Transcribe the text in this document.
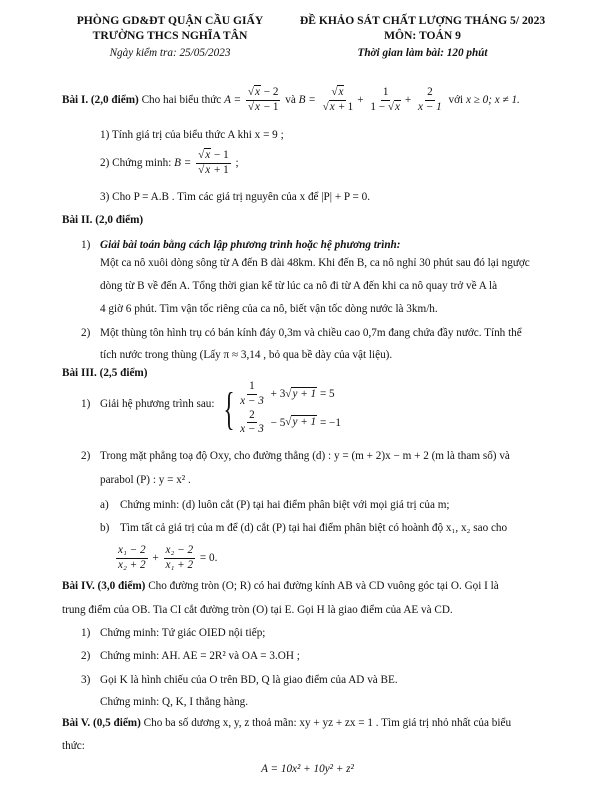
PHÒNG GD&ĐT QUẬN CẦU GIẤY
TRƯỜNG THCS NGHĨA TÂN
Ngày kiểm tra: 25/05/2023
ĐỀ KHẢO SÁT CHẤT LƯỢNG THÁNG 5/ 2023
MÔN: TOÁN 9
Thời gian làm bài: 120 phút
Bài I. (2,0 điểm) Cho hai biểu thức $A = \frac{√x - 2}{√x - 1}$ và $B = \frac{√x}{√x + 1} + \frac{1}{1 - √x} + \frac{2}{x - 1}$ với x ≥ 0; x ≠ 1.
1) Tính giá trị của biểu thức A khi x = 9 ;
2) Chứng minh: $B = \frac{√x - 1}{√x + 1}$ ;
3) Cho P = A.B . Tìm các giá trị nguyên của x để |P| + P = 0.
Bài II. (2,0 điểm)
1) Giải bài toán bằng cách lập phương trình hoặc hệ phương trình:
Một ca nô xuôi dòng sông từ A đến B dài 48km. Khi đến B, ca nô nghỉ 30 phút sau đó lại ngược
dòng từ B về đến A. Tổng thời gian kể từ lúc ca nô đi từ A đến khi ca nô quay trở về A là
4 giờ 6 phút. Tìm vận tốc riêng của ca nô, biết vận tốc dòng nước là 3km/h.
2) Một thùng tôn hình trụ có bán kính đáy 0,3m và chiều cao 0,7m đang chứa đầy nước. Tính thể
tích nước trong thùng (Lấy π ≈ 3,14 , bỏ qua bề dày của vật liệu).
Bài III. (2,5 điểm)
1) Giải hệ phương trình sau: { $\frac{1}{x - 3} + 3√y + 1 = 5$
$\frac{2}{x - 3} - 5√y + 1 = -1$
2) Trong mặt phẳng toạ độ Oxy, cho đường thẳng (d) : y = (m + 2)x − m + 2 (m là tham số) và
parabol (P) : y = x² .
a) Chứng minh: (d) luôn cắt (P) tại hai điểm phân biệt với mọi giá trị của m;
b) Tìm tất cả giá trị của m để (d) cắt (P) tại hai điểm phân biệt có hoành độ x₁, x₂ sao cho
$\frac{\text{x₁ − 2}}{\text{x₂ + 2}} + \frac{\text{x₂ − 2}}{\text{x₁ + 2}} = 0$.
Bài IV. (3,0 điểm) Cho đường tròn (O; R) có hai đường kính AB và CD vuông góc tại O. Gọi I là
trung điểm của OB. Tia CI cắt đường tròn (O) tại E. Gọi H là giao điểm của AE và CD.
1) Chứng minh: Tứ giác OIED nội tiếp;
2) Chứng minh: AH. AE = 2R² và OA = 3.OH ;
3) Gọi K là hình chiếu của O trên BD, Q là giao điểm của AD và BE.
Chứng minh: Q, K, I thẳng hàng.
Bài V. (0,5 điểm) Cho ba số dương x, y, z thoả mãn: xy + yz + zx = 1 . Tìm giá trị nhỏ nhất của biểu
thức:
A = 10x² + 10y² + z²
